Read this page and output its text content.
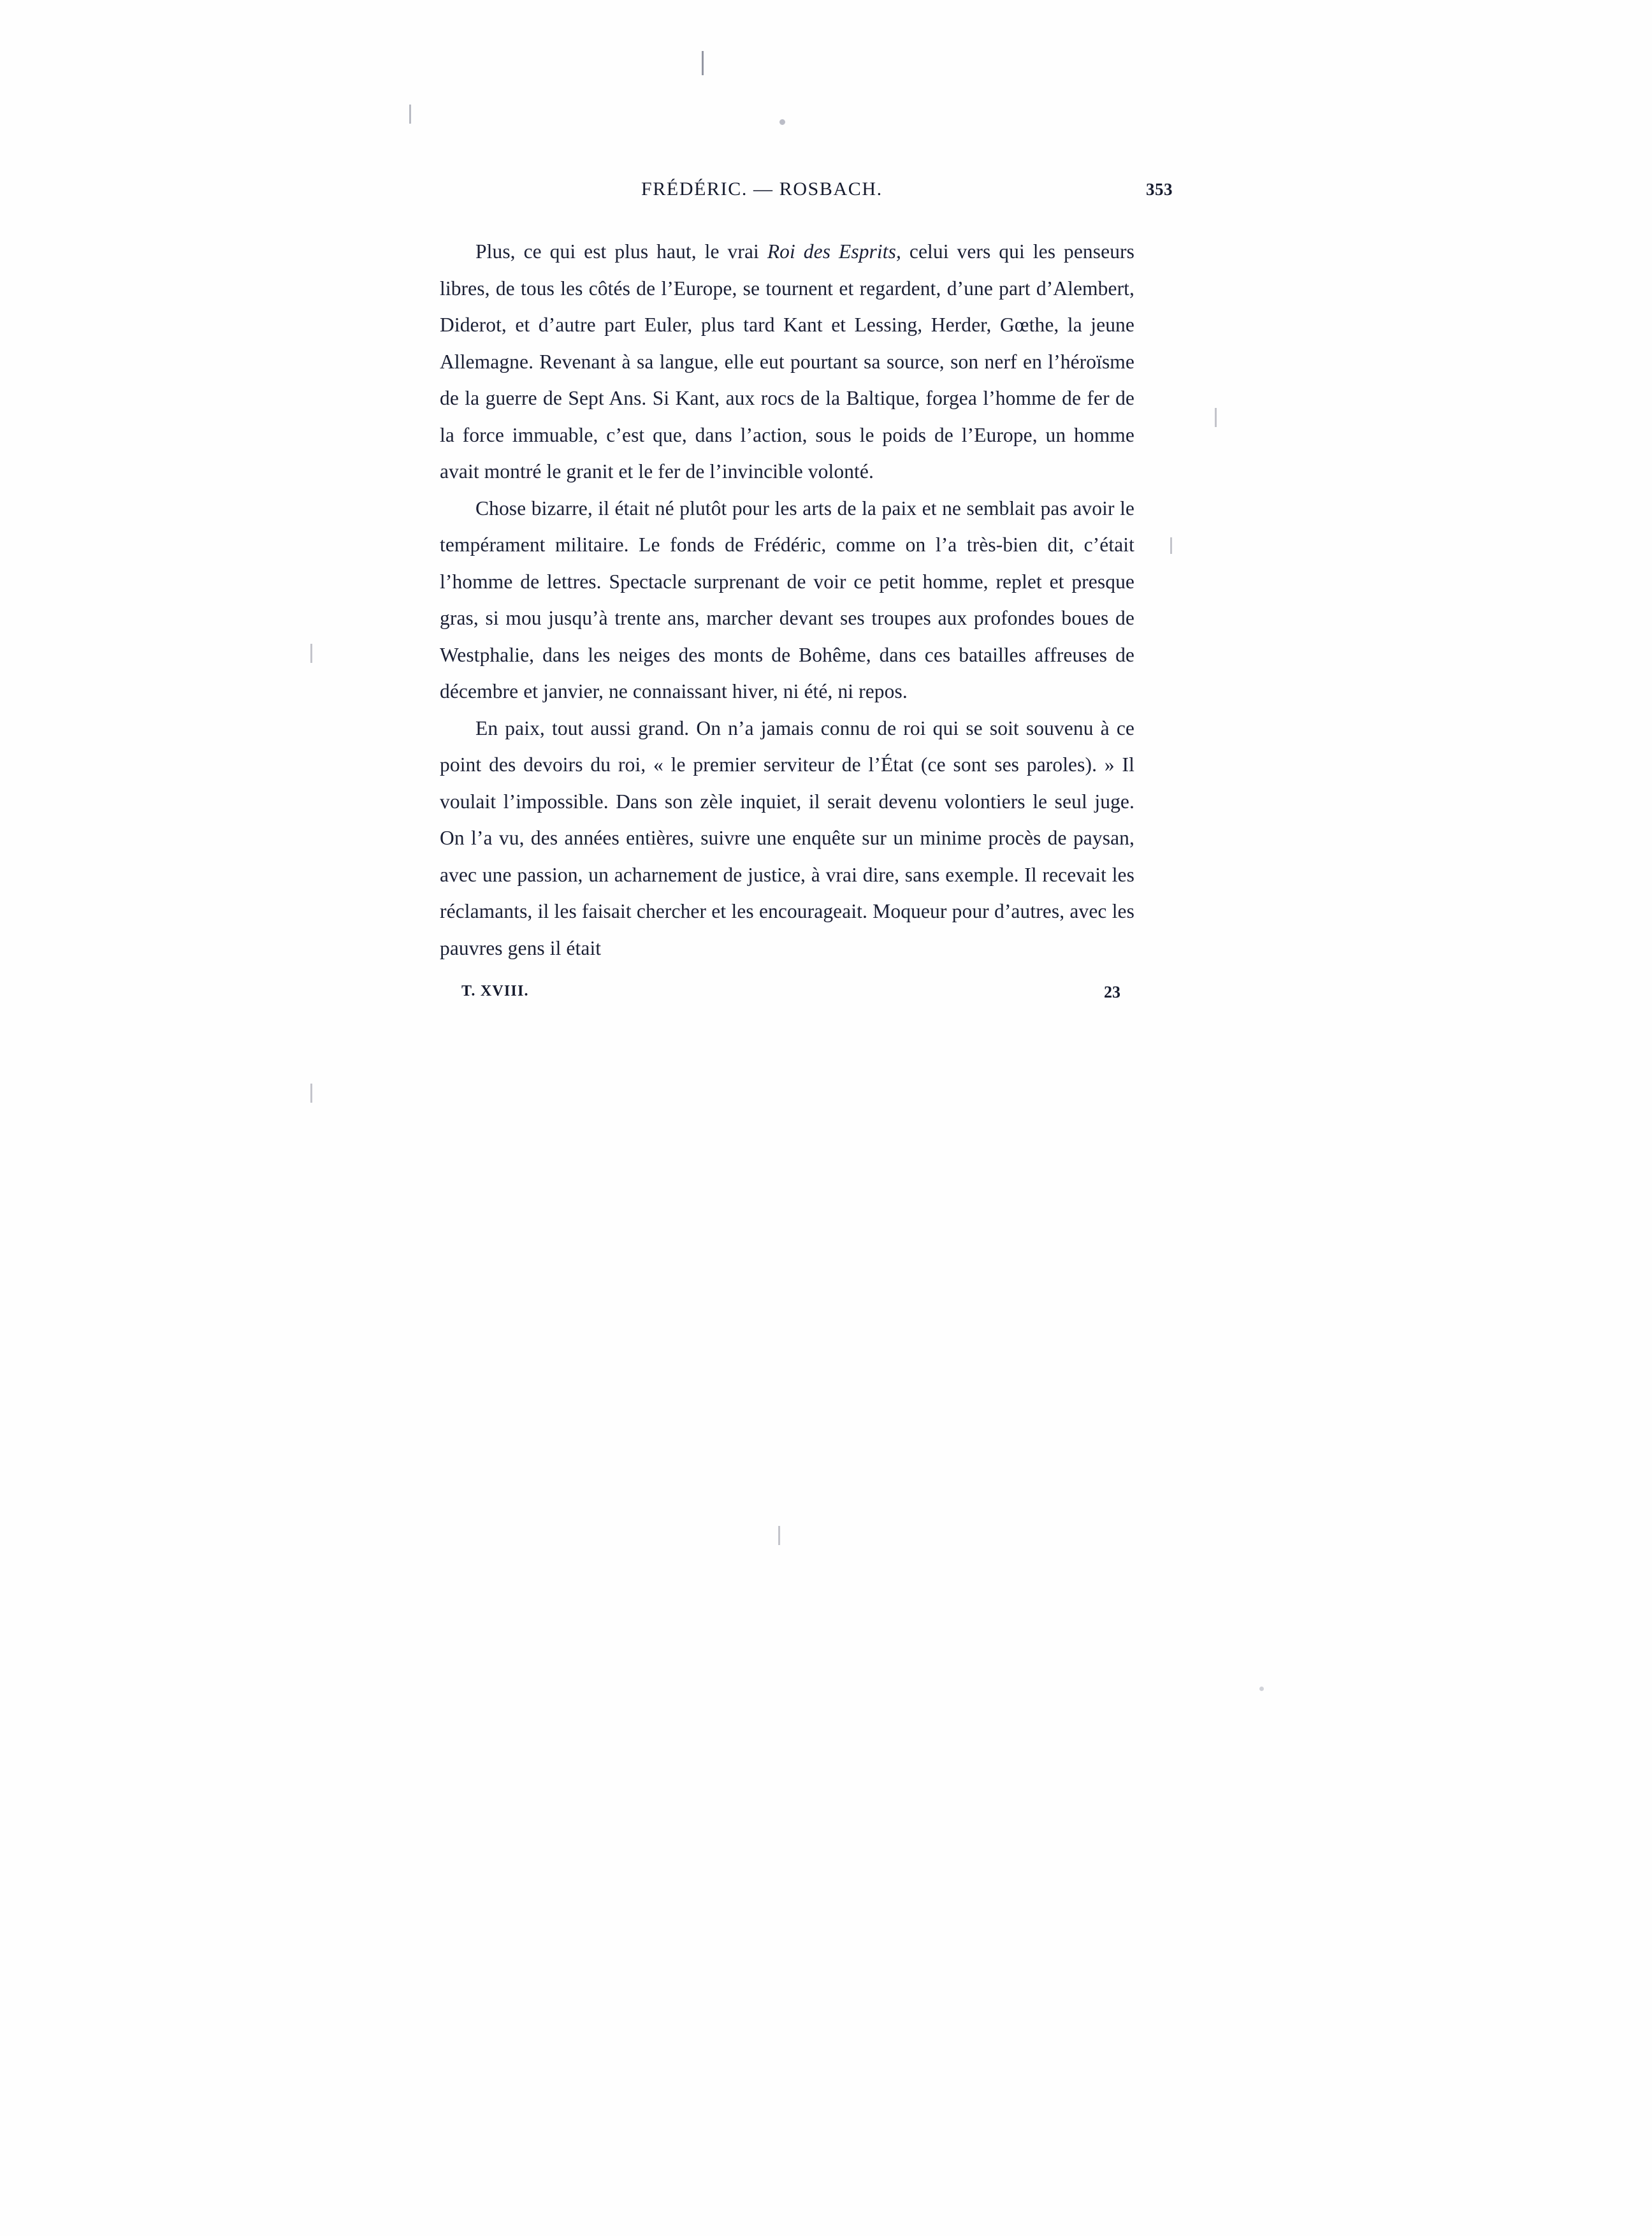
FRÉDÉRIC. — ROSBACH.	353

Plus, ce qui est plus haut, le vrai Roi des Esprits, celui vers qui les penseurs libres, de tous les côtés de l’Europe, se tournent et regardent, d’une part d’Alembert, Diderot, et d’autre part Euler, plus tard Kant et Lessing, Herder, Gœthe, la jeune Allemagne. Revenant à sa langue, elle eut pourtant sa source, son nerf en l’héroïsme de la guerre de Sept Ans. Si Kant, aux rocs de la Baltique, forgea l’homme de fer de la force immuable, c’est que, dans l’action, sous le poids de l’Europe, un homme avait montré le granit et le fer de l’invincible volonté.

Chose bizarre, il était né plutôt pour les arts de la paix et ne semblait pas avoir le tempérament militaire. Le fonds de Frédéric, comme on l’a très-bien dit, c’était l’homme de lettres. Spectacle surprenant de voir ce petit homme, replet et presque gras, si mou jusqu’à trente ans, marcher devant ses troupes aux profondes boues de Westphalie, dans les neiges des monts de Bohême, dans ces batailles affreuses de décembre et janvier, ne connaissant hiver, ni été, ni repos.

En paix, tout aussi grand. On n’a jamais connu de roi qui se soit souvenu à ce point des devoirs du roi, « le premier serviteur de l’État (ce sont ses paroles). » Il voulait l’impossible. Dans son zèle inquiet, il serait devenu volontiers le seul juge. On l’a vu, des années entières, suivre une enquête sur un minime procès de paysan, avec une passion, un acharnement de justice, à vrai dire, sans exemple. Il recevait les réclamants, il les faisait chercher et les encourageait. Moqueur pour d’autres, avec les pauvres gens il était

T. XVIII.	23
